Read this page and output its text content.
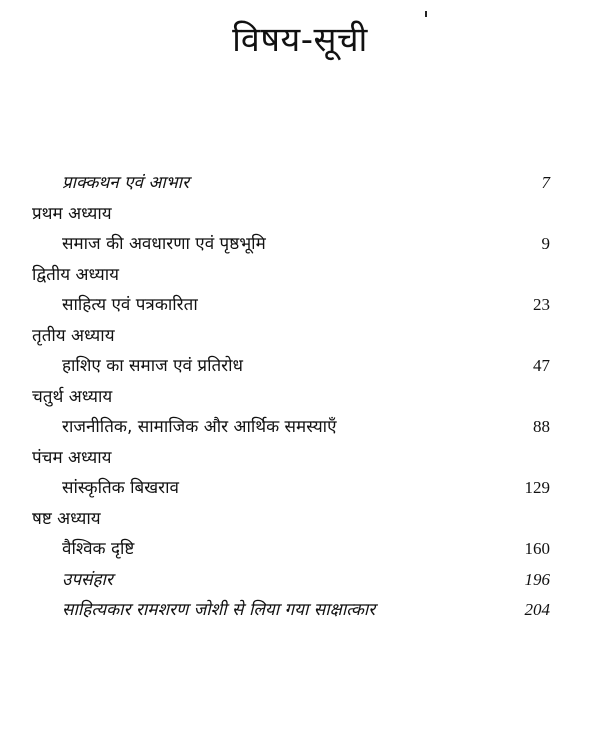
विषय-सूची
प्राक्कथन एवं आभार	7
प्रथम अध्याय
समाज की अवधारणा एवं पृष्ठभूमि	9
द्वितीय अध्याय
साहित्य एवं पत्रकारिता	23
तृतीय अध्याय
हाशिए का समाज एवं प्रतिरोध	47
चतुर्थ अध्याय
राजनीतिक, सामाजिक और आर्थिक समस्याएँ	88
पंचम अध्याय
सांस्कृतिक बिखराव	129
षष्ट अध्याय
वैश्विक दृष्टि	160
उपसंहार	196
साहित्यकार रामशरण जोशी से लिया गया साक्षात्कार	204
